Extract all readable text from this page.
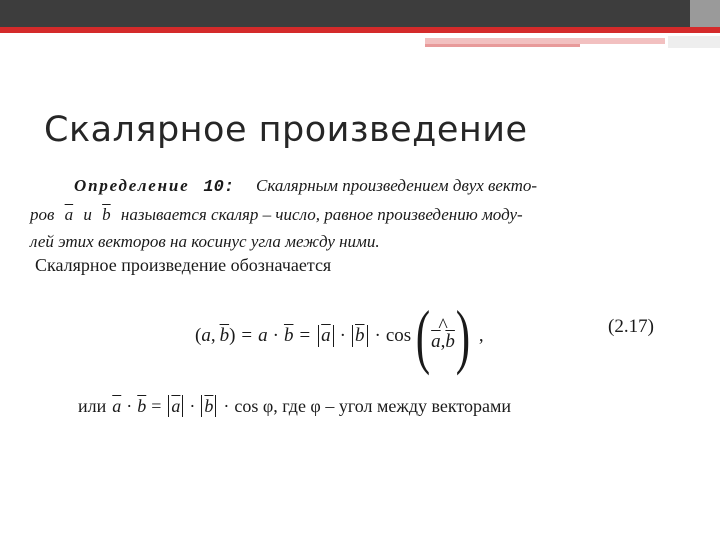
Скалярное произведение
Определение 10: Скалярным произведением двух векто-
ров $\overline{a}$ и $\overline{b}$ называется скаляр – число, равное произведению моду-
лей этих векторов на косинус угла между ними.
Скалярное произведение обозначается
( a , $\overline{b}$ ) = $a \cdot \overline{b} = \overline{a} \cdot \overline{b} \cdot \cos$ ( ^
$\overline{a},\overline{b}$ ) ,	(2.17)
или $\overline{a} \cdot \overline{b} = \overline{a} \cdot \overline{b} \cdot \cos \varphi$ , где φ – угол между векторами
